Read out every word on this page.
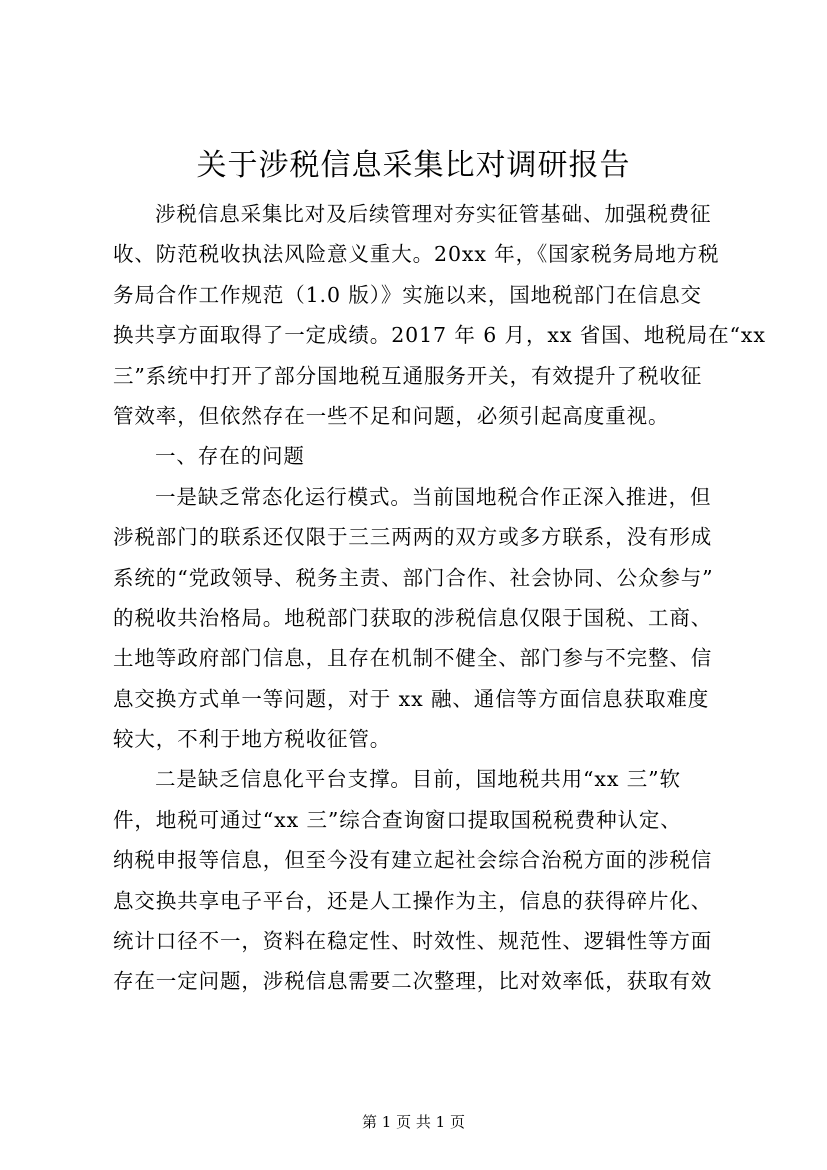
关于涉税信息采集比对调研报告
涉税信息采集比对及后续管理对夯实征管基础、加强税费征
收、防范税收执法风险意义重大。20xx 年，《国家税务局地方税
务局合作工作规范（1.0 版）》实施以来，国地税部门在信息交
换共享方面取得了一定成绩。2017 年 6 月，xx 省国、地税局在“xx
三”系统中打开了部分国地税互通服务开关，有效提升了税收征
管效率，但依然存在一些不足和问题，必须引起高度重视。
一、存在的问题
一是缺乏常态化运行模式。当前国地税合作正深入推进，但
涉税部门的联系还仅限于三三两两的双方或多方联系，没有形成
系统的“党政领导、税务主责、部门合作、社会协同、公众参与”
的税收共治格局。地税部门获取的涉税信息仅限于国税、工商、
土地等政府部门信息，且存在机制不健全、部门参与不完整、信
息交换方式单一等问题，对于 xx 融、通信等方面信息获取难度
较大，不利于地方税收征管。
二是缺乏信息化平台支撑。目前，国地税共用“xx 三”软
件，地税可通过“xx 三”综合查询窗口提取国税税费种认定、
纳税申报等信息，但至今没有建立起社会综合治税方面的涉税信
息交换共享电子平台，还是人工操作为主，信息的获得碎片化、
统计口径不一，资料在稳定性、时效性、规范性、逻辑性等方面
存在一定问题，涉税信息需要二次整理，比对效率低，获取有效
第 1 页 共 1 页
